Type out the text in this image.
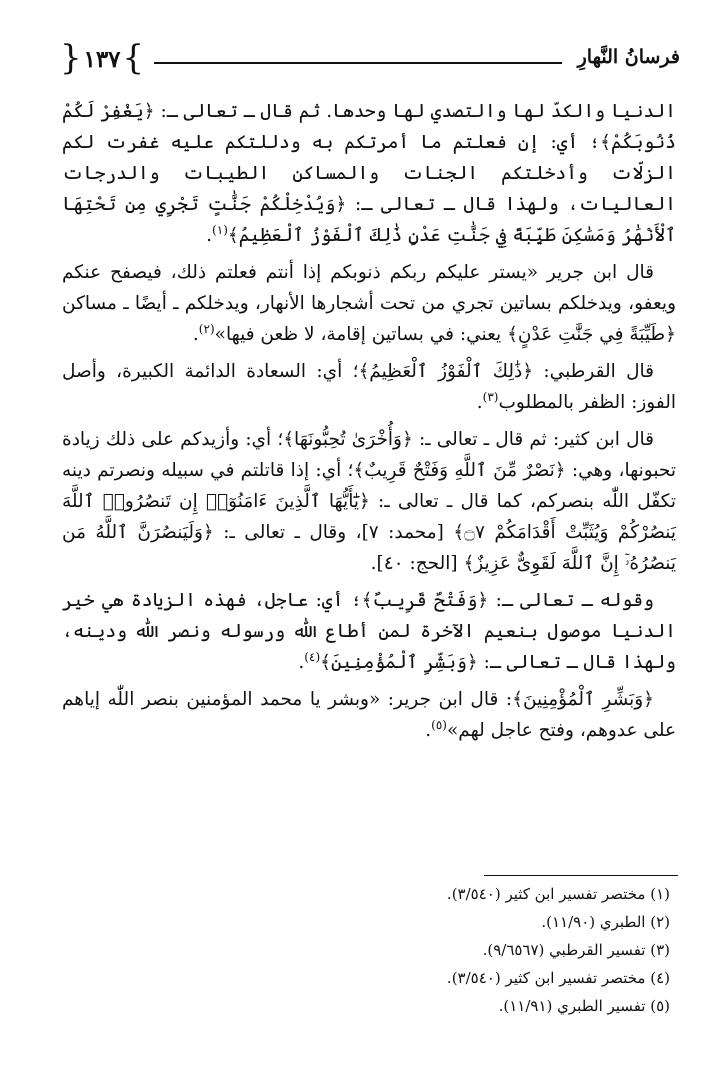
فرسانُ النَّهارِ
}
١٣٧
{

الدنيا والكدّ لها والتصدي لها وحدها. ثم قال ـ تعالى ـ: ﴿يَغْفِرْ لَكُمْ ذُنُوبَكُمْ﴾؛ أي: إن فعلتم ما أمرتكم به ودللتكم عليه غفرت لكم الزلّات وأدخلتكم الجنات والمساكن الطيبات والدرجات العاليات، ولهذا قال ـ تعالى ـ: ﴿وَيُدْخِلْكُمْ جَنَّٰتٍ تَجْرِي مِن تَحْتِهَا ٱلْأَنْهَٰرُ وَمَسَٰكِنَ طَيِّبَةً فِي جَنَّٰتِ عَدْنٍ ذَٰلِكَ ٱلْفَوْزُ ٱلْعَظِيمُ﴾$^{(١)}$.

قال ابن جرير «يستر عليكم ربكم ذنوبكم إذا أنتم فعلتم ذلك، فيصفح عنكم ويعفو، ويدخلكم بساتين تجري من تحت أشجارها الأنهار، ويدخلكم ـ أيضًا ـ مساكن ﴿طَيِّبَةً فِي جَنَّٰتِ عَدْنٍ﴾ يعني: في بساتين إقامة، لا ظعن فيها»$^{(٢)}$.

قال القرطبي: ﴿ذَٰلِكَ ٱلْفَوْزُ ٱلْعَظِيمُ﴾؛ أي: السعادة الدائمة الكبيرة، وأصل الفوز: الظفر بالمطلوب$^{(٣)}$.

قال ابن كثير: ثم قال ـ تعالى ـ: ﴿وَأُخْرَىٰ تُحِبُّونَهَا﴾؛ أي: وأزيدكم على ذلك زيادة تحبونها، وهي: ﴿نَصْرٌ مِّنَ ٱللَّهِ وَفَتْحٌ قَرِيبٌ﴾؛ أي: إذا قاتلتم في سبيله ونصرتم دينه تكفّل اللّٰه بنصركم، كما قال ـ تعالى ـ: ﴿يَٰٓأَيُّهَا ٱلَّذِينَ ءَامَنُوٓا۟ إِن تَنصُرُوا۟ ٱللَّهَ يَنصُرْكُمْ وَيُثَبِّتْ أَقْدَامَكُمْ ۝٧﴾ [محمد: ٧]، وقال ـ تعالى ـ: ﴿وَلَيَنصُرَنَّ ٱللَّهُ مَن يَنصُرُهُۥٓ إِنَّ ٱللَّهَ لَقَوِىٌّ عَزِيزٌ﴾ [الحج: ٤٠].

وقوله ـ تعالى ـ: ﴿وَفَتْحٌ قَرِيبٌ﴾؛ أي: عاجل، فهذه الزيادة هي خير الدنيا موصول بنعيم الآخرة لمن أطاع اللّٰه ورسوله ونصر اللّٰه ودينه، ولهذا قال ـ تعالى ـ: ﴿وَبَشِّرِ ٱلْمُؤْمِنِينَ﴾$^{(٤)}$.

﴿وَبَشِّرِ ٱلْمُؤْمِنِينَ﴾: قال ابن جرير: «وبشر يا محمد المؤمنين بنصر اللّٰه إياهم على عدوهم، وفتح عاجل لهم»$^{(٥)}$.

(١) مختصر تفسير ابن كثير (٣/٥٤٠).

(٢) الطبري (١١/٩٠).

(٣) تفسير القرطبي (٩/٦٥٦٧).

(٤) مختصر تفسير ابن كثير (٣/٥٤٠).

(٥) تفسير الطبري (١١/٩١).
